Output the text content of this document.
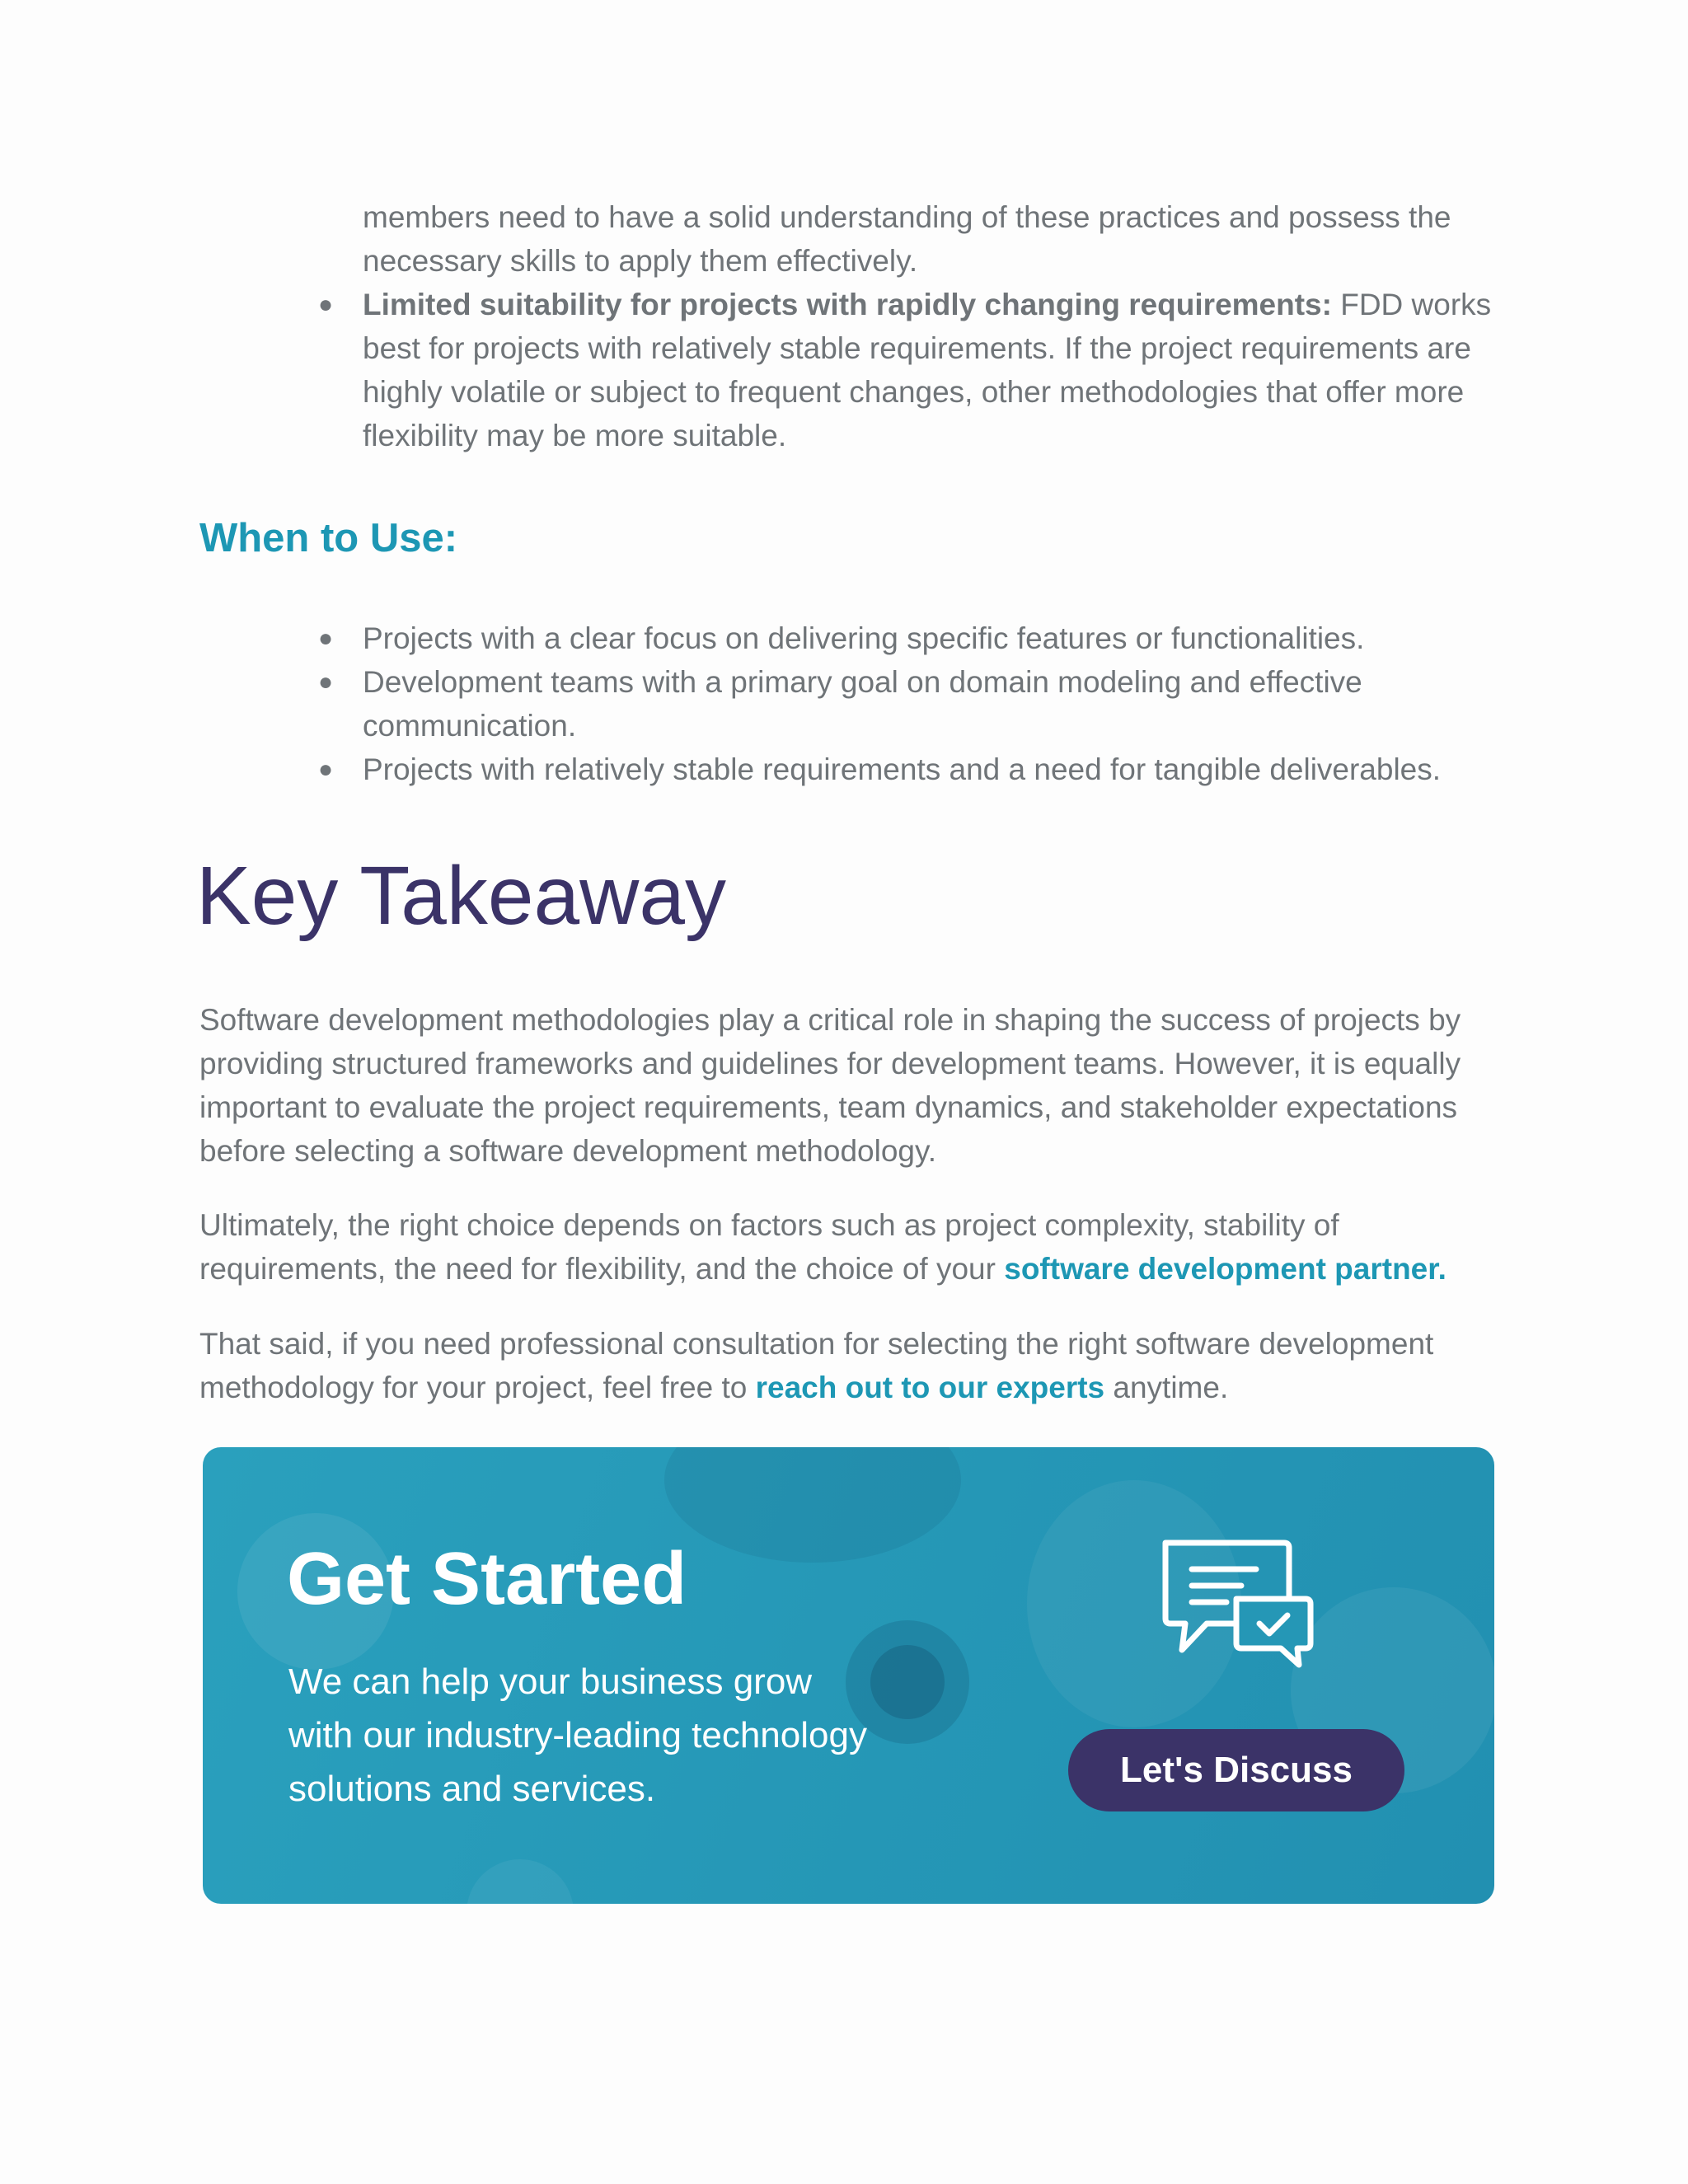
members need to have a solid understanding of these practices and possess the necessary skills to apply them effectively.
● Limited suitability for projects with rapidly changing requirements: FDD works best for projects with relatively stable requirements. If the project requirements are highly volatile or subject to frequent changes, other methodologies that offer more flexibility may be more suitable.
When to Use:
● Projects with a clear focus on delivering specific features or functionalities.
● Development teams with a primary goal on domain modeling and effective communication.
● Projects with relatively stable requirements and a need for tangible deliverables.
Key Takeaway

Software development methodologies play a critical role in shaping the success of projects by providing structured frameworks and guidelines for development teams. However, it is equally important to evaluate the project requirements, team dynamics, and stakeholder expectations before selecting a software development methodology.

Ultimately, the right choice depends on factors such as project complexity, stability of requirements, the need for flexibility, and the choice of your software development partner.

That said, if you need professional consultation for selecting the right software development methodology for your project, feel free to reach out to our experts anytime.

Get Started

We can help your business grow with our industry-leading technology solutions and services.	Let's Discuss
